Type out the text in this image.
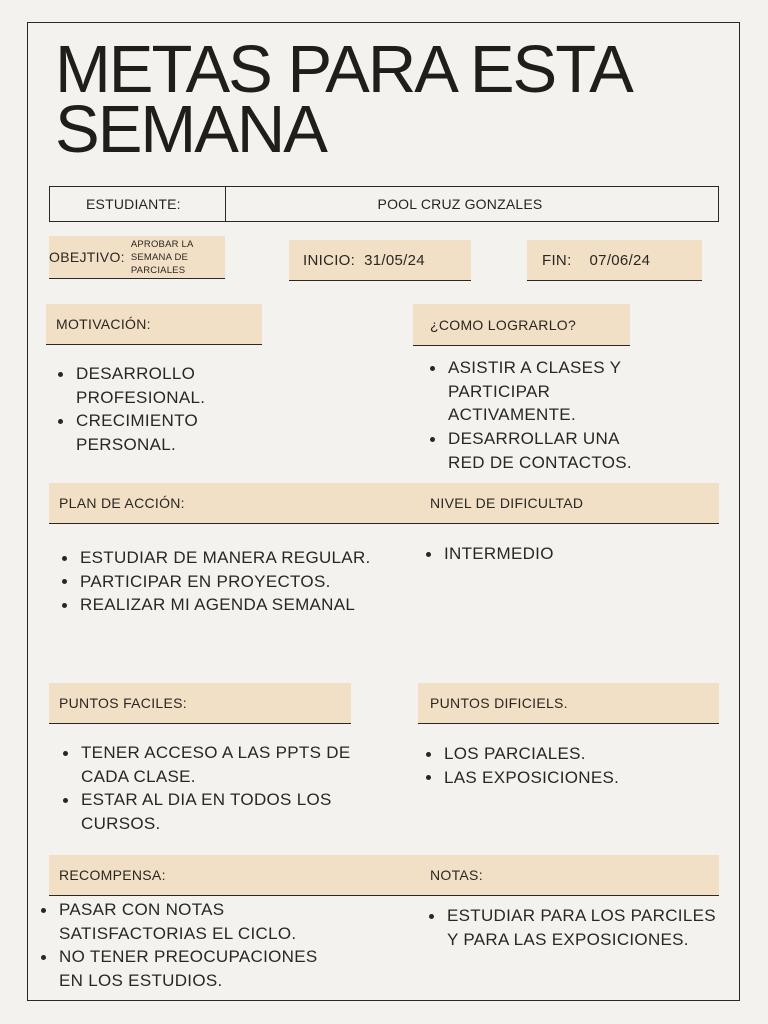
METAS PARA ESTA
SEMANA
ESTUDIANTE:	POOL CRUZ GONZALES
OBEJTIVO:
APROBAR LA
SEMANA DE
PARCIALES
INICIO: 31/05/24	FIN: 07/06/24
MOTIVACIÓN:
DESARROLLO PROFESIONAL.
CRECIMIENTO PERSONAL.
¿COMO LOGRARLO?
ASISTIR A CLASES Y PARTICIPAR ACTIVAMENTE.
DESARROLLAR UNA RED DE CONTACTOS.
PLAN DE ACCIÓN:	NIVEL DE DIFICULTAD
ESTUDIAR DE MANERA REGULAR.
PARTICIPAR EN PROYECTOS.
REALIZAR MI AGENDA SEMANAL
INTERMEDIO
PUNTOS FACILES:
TENER ACCESO A LAS PPTS DE CADA CLASE.
ESTAR AL DIA EN TODOS LOS CURSOS.
PUNTOS DIFICIELS.
LOS PARCIALES.
LAS EXPOSICIONES.
RECOMPENSA:	NOTAS:
PASAR CON NOTAS SATISFACTORIAS EL CICLO.
NO TENER PREOCUPACIONES EN LOS ESTUDIOS.
ESTUDIAR PARA LOS PARCILES Y PARA LAS EXPOSICIONES.
